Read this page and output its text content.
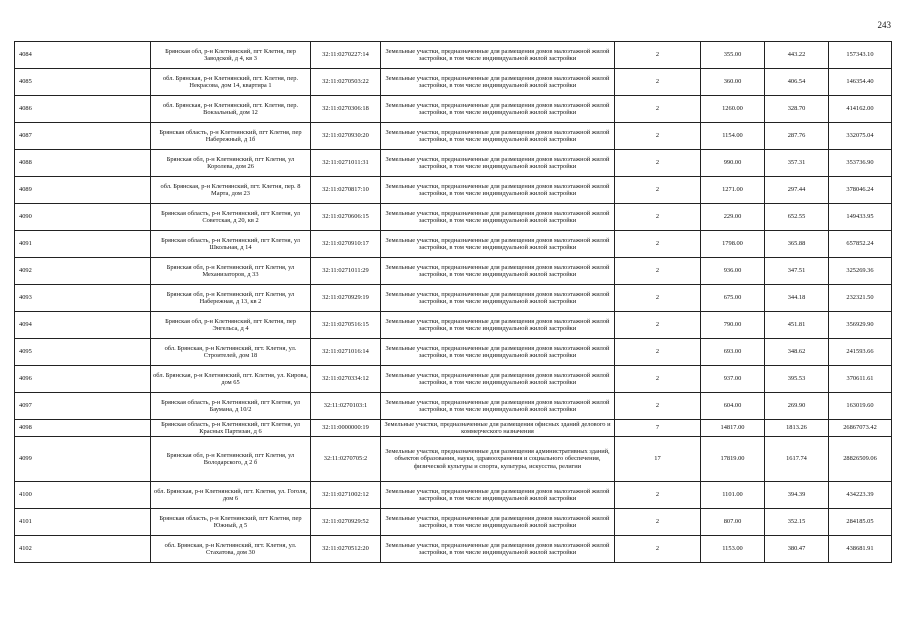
243
4084	Брянская обл, р-н Клетнянский, пгт Клетня, пер Заводской, д 4, кв 3	32:11:0270227:14	Земельные участки, предназначенные для размещения домов малоэтажной жилой застройки, в том числе индивидуальной жилой застройки	2	355.00	443.22	157343.10
4085	обл. Брянская, р-н Клетнянский, пгт. Клетня, пер. Некрасова, дом 14, квартира 1	32:11:0270503:22	Земельные участки, предназначенные для размещения домов малоэтажной жилой застройки, в том числе индивидуальной жилой застройки	2	360.00	406.54	146354.40
4086	обл. Брянская, р-н Клетнянский, пгт. Клетня, пер. Вокзальный, дом 12	32:11:0270306:18	Земельные участки, предназначенные для размещения домов малоэтажной жилой застройки, в том числе индивидуальной жилой застройки	2	1260.00	328.70	414162.00
4087	Брянская область, р-н Клетнянский, пгт Клетня, пер Набережный, д 1б	32:11:0270930:20	Земельные участки, предназначенные для размещения домов малоэтажной жилой застройки, в том числе индивидуальной жилой застройки	2	1154.00	287.76	332075.04
4088	Брянская обл, р-н Клетнянский, пгт Клетня, ул Королева, дом 26	32:11:0271011:31	Земельные участки, предназначенные для размещения домов малоэтажной жилой застройки, в том числе индивидуальной жилой застройки	2	990.00	357.31	353736.90
4089	обл. Брянская, р-н Клетнянский, пгт. Клетня, пер. 8 Марта, дом 23	32:11:0270817:10	Земельные участки, предназначенные для размещения домов малоэтажной жилой застройки, в том числе индивидуальной жилой застройки	2	1271.00	297.44	378046.24
4090	Брянская область, р-н Клетнянский, пгт Клетня, ул Советская, д 20, кв 2	32:11:0270606:15	Земельные участки, предназначенные для размещения домов малоэтажной жилой застройки, в том числе индивидуальной жилой застройки	2	229.00	652.55	149433.95
4091	Брянская область, р-н Клетнянский, пгт Клетня, ул Школьная, д 14	32:11:0270910:17	Земельные участки, предназначенные для размещения домов малоэтажной жилой застройки, в том числе индивидуальной жилой застройки	2	1798.00	365.88	657852.24
4092	Брянская обл, р-н Клетнянский, пгт Клетня, ул Механизаторов, д 33	32:11:0271011:29	Земельные участки, предназначенные для размещения домов малоэтажной жилой застройки, в том числе индивидуальной жилой застройки	2	936.00	347.51	325269.36
4093	Брянская обл, р-н Клетнянский, пгт Клетня, ул Набережная, д 13, кв 2	32:11:0270929:19	Земельные участки, предназначенные для размещения домов малоэтажной жилой застройки, в том числе индивидуальной жилой застройки	2	675.00	344.18	232321.50
4094	Брянская обл, р-н Клетнянский, пгт Клетня, пер Энгельса, д 4	32:11:0270516:15	Земельные участки, предназначенные для размещения домов малоэтажной жилой застройки, в том числе индивидуальной жилой застройки	2	790.00	451.81	356929.90
4095	обл. Брянская, р-н Клетнянский, пгт. Клетня, ул. Строителей, дом 18	32:11:0271016:14	Земельные участки, предназначенные для размещения домов малоэтажной жилой застройки, в том числе индивидуальной жилой застройки	2	693.00	348.62	241593.66
4096	обл. Брянская, р-н Клетнянский, пгт. Клетня, ул. Кирова, дом 65	32:11:0270334:12	Земельные участки, предназначенные для размещения домов малоэтажной жилой застройки, в том числе индивидуальной жилой застройки	2	937.00	395.53	370611.61
4097	Брянская область, р-н Клетнянский, пгт Клетня, ул Баумана, д 10/2	32:11:0270103:1	Земельные участки, предназначенные для размещения домов малоэтажной жилой застройки, в том числе индивидуальной жилой застройки	2	604.00	269.90	163019.60
4098	Брянская область, р-н Клетнянский, пгт Клетня, ул Красных Партизан, д 6	32:11:0000000:19	Земельные участки, предназначенные для размещения офисных зданий делового и коммерческого назначения	7	14817.00	1813.26	26867073.42
4099	Брянская обл, р-н Клетнянский, пгт Клетня, ул Володарского, д 2 б	32:11:0270705:2	Земельные участки, предназначенные для размещения административных зданий, объектов образования, науки, здравоохранения и социального обеспечения, физической культуры и спорта, культуры, искусства, религии	17	17819.00	1617.74	28826509.06
4100	обл. Брянская, р-н Клетнянский, пгт. Клетня, ул. Гоголя, дом 6	32:11:0271002:12	Земельные участки, предназначенные для размещения домов малоэтажной жилой застройки, в том числе индивидуальной жилой застройки	2	1101.00	394.39	434223.39
4101	Брянская область, р-н Клетнянский, пгт Клетня, пер Южный, д 5	32:11:0270929:52	Земельные участки, предназначенные для размещения домов малоэтажной жилой застройки, в том числе индивидуальной жилой застройки	2	807.00	352.15	284185.05
4102	обл. Брянская, р-н Клетнянский, пгт. Клетня, ул. Стахатова, дом 30	32:11:0270512:20	Земельные участки, предназначенные для размещения домов малоэтажной жилой застройки, в том числе индивидуальной жилой застройки	2	1153.00	380.47	438681.91
